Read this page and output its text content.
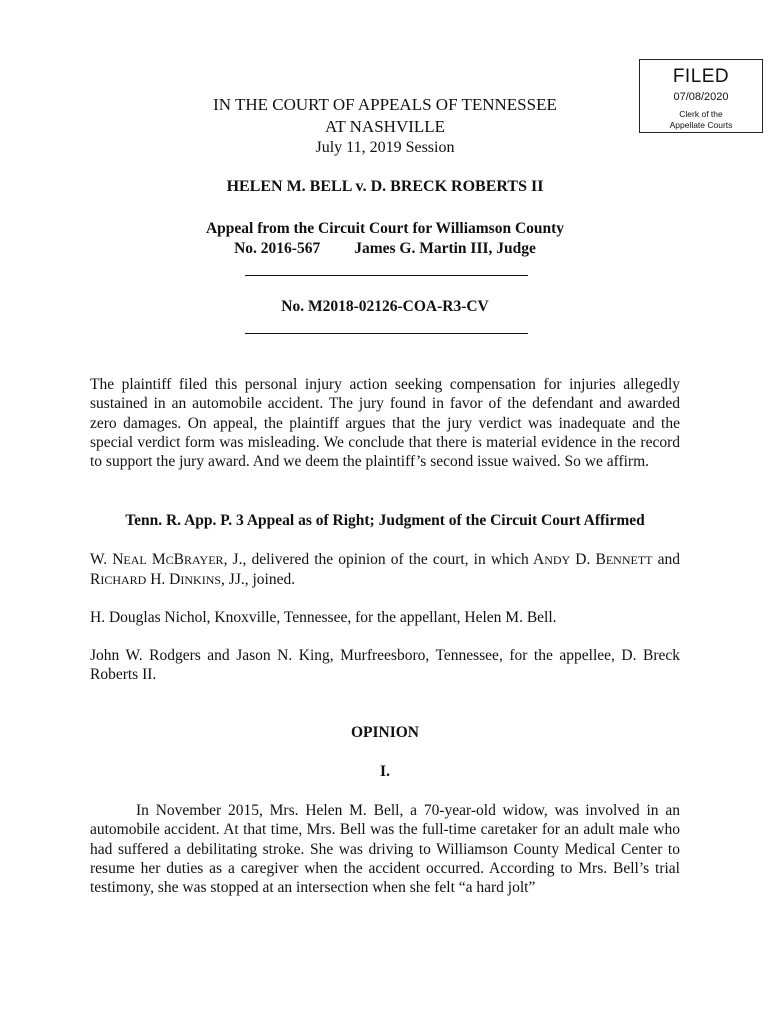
FILED
07/08/2020
Clerk of the
Appellate Courts
IN THE COURT OF APPEALS OF TENNESSEE
AT NASHVILLE
July 11, 2019 Session
HELEN M. BELL v. D. BRECK ROBERTS II
Appeal from the Circuit Court for Williamson County
No. 2016-567 James G. Martin III, Judge
No. M2018-02126-COA-R3-CV
The plaintiff filed this personal injury action seeking compensation for injuries allegedly sustained in an automobile accident. The jury found in favor of the defendant and awarded zero damages. On appeal, the plaintiff argues that the jury verdict was inadequate and the special verdict form was misleading. We conclude that there is material evidence in the record to support the jury award. And we deem the plaintiff’s second issue waived. So we affirm.
Tenn. R. App. P. 3 Appeal as of Right; Judgment of the Circuit Court Affirmed
W. NEAL MCBRAYER, J., delivered the opinion of the court, in which ANDY D. BENNETT and RICHARD H. DINKINS, JJ., joined.
H. Douglas Nichol, Knoxville, Tennessee, for the appellant, Helen M. Bell.
John W. Rodgers and Jason N. King, Murfreesboro, Tennessee, for the appellee, D. Breck Roberts II.
OPINION
I.
In November 2015, Mrs. Helen M. Bell, a 70-year-old widow, was involved in an automobile accident. At that time, Mrs. Bell was the full-time caretaker for an adult male who had suffered a debilitating stroke. She was driving to Williamson County Medical Center to resume her duties as a caregiver when the accident occurred. According to Mrs. Bell’s trial testimony, she was stopped at an intersection when she felt “a hard jolt”
